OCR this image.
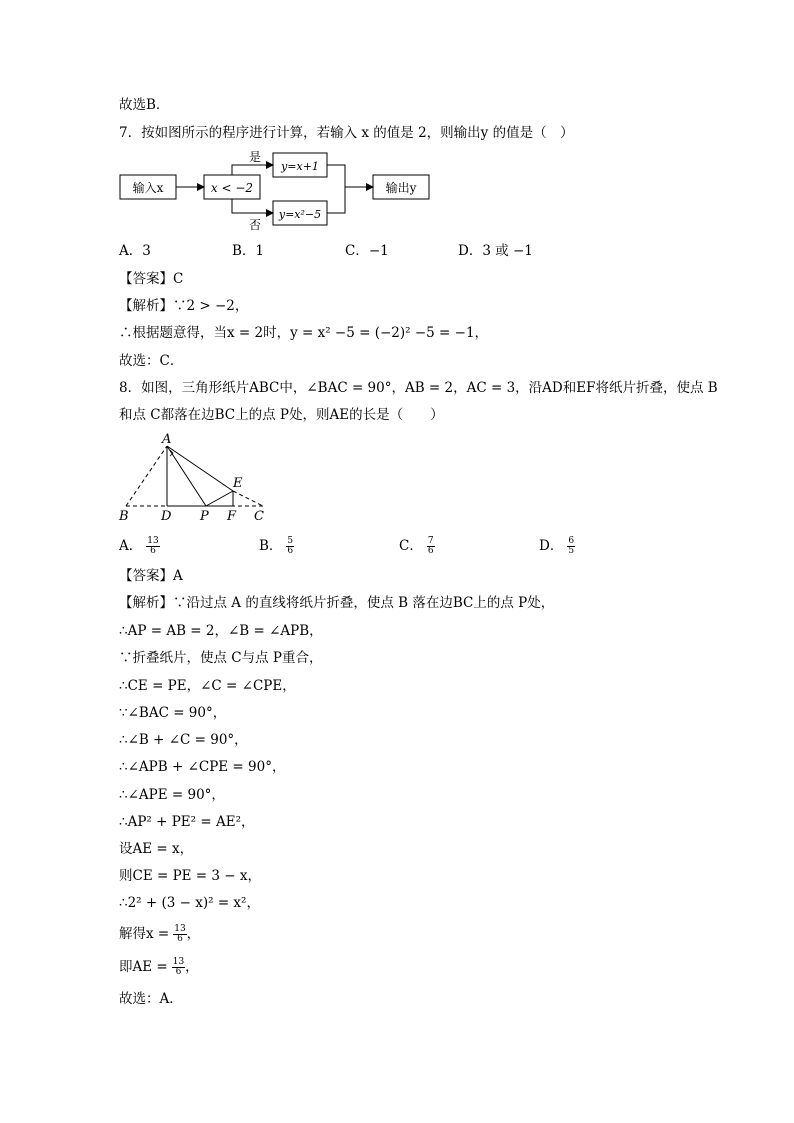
故选B．
7．按如图所示的程序进行计算，若输入 x 的值是 2，则输出y 的值是（　）
输入x	x < −2
是
否
y=x+1
y=x²−5
输出y
A．3	B．1	C．−1	D．3 或 −1
【答案】C
【解析】∵2 > −2，
∴根据题意得，当x = 2时，y = x² −5 = (−2)² −5 = −1，
故选：C．
8．如图，三角形纸片ABC中，∠BAC = 90°，AB = 2，AC = 3，沿AD和EF将纸片折叠，使点 B
和点 C都落在边BC上的点 P处，则AE的长是（　　）
A
B D P F C
E
A． $\frac{13}{6}$	B． $\frac{5}{6}$	C． $\frac{7}{6}$	D． $\frac{6}{5}$
【答案】A
【解析】∵沿过点 A 的直线将纸片折叠，使点 B 落在边BC上的点 P处，
∴AP = AB = 2，∠B = ∠APB，
∵折叠纸片，使点 C与点 P重合，
∴CE = PE，∠C = ∠CPE，
∵∠BAC = 90°，
∴∠B + ∠C = 90°，
∴∠APB + ∠CPE = 90°，
∴∠APE = 90°，
∴AP² + PE² = AE²，
设AE = x，
则CE = PE = 3 − x，
∴2² + (3 − x)² = x²，
解得$x = \frac{13}{6}$ ，
即AE = $\frac{13}{6}$ ，
故选：A．
